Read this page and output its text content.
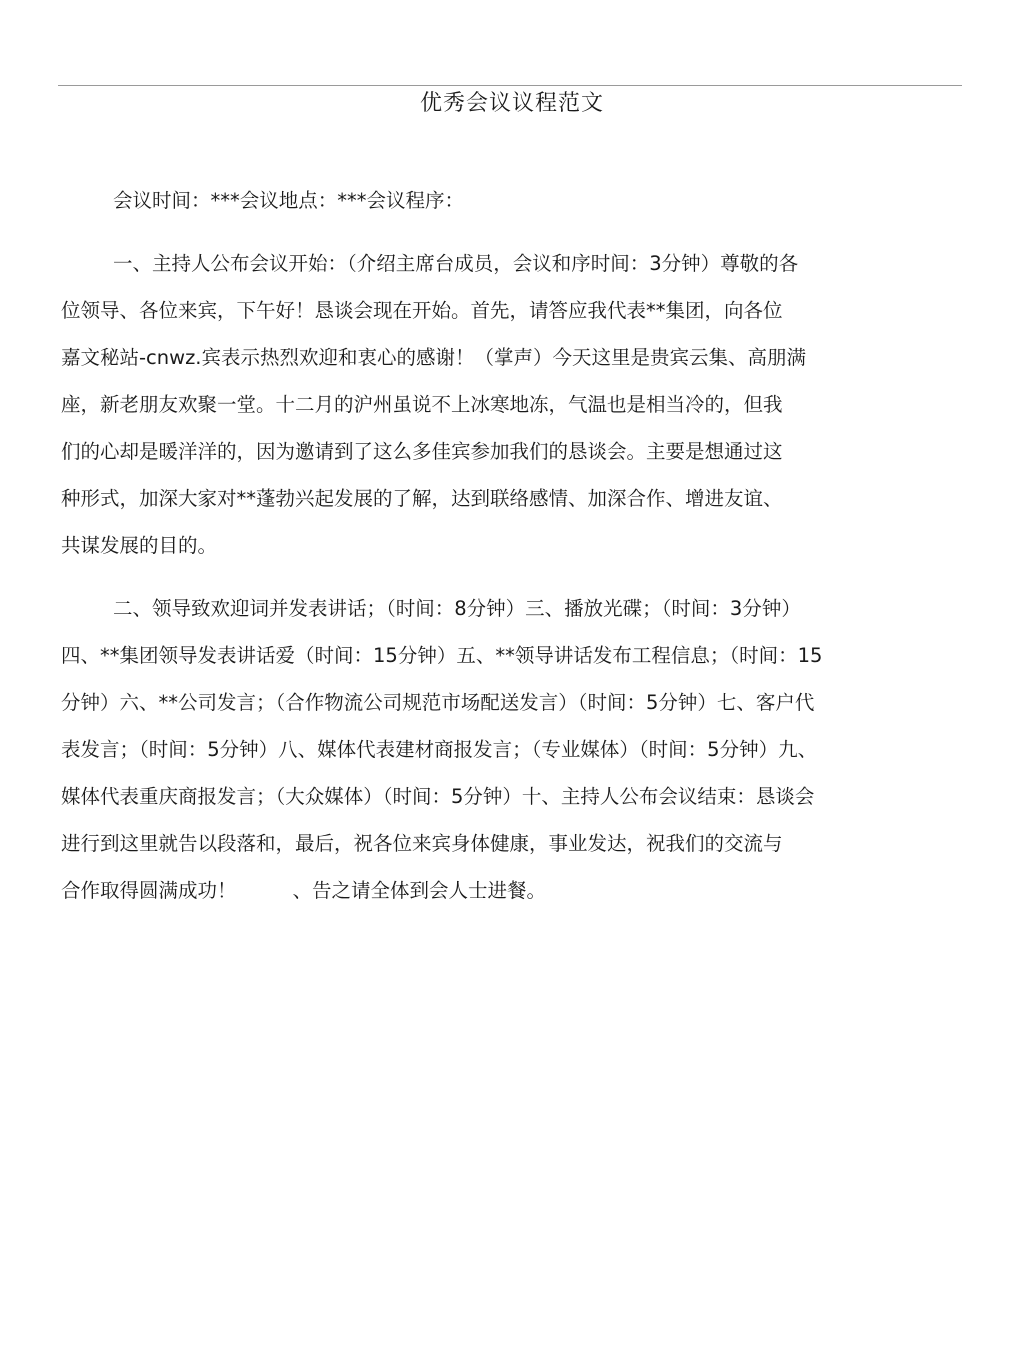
优秀会议议程范文
会议时间：***会议地点：***会议程序：
一、主持人公布会议开始：（介绍主席台成员，会议和序时间：3分钟）尊敬的各
位领导、各位来宾，下午好！恳谈会现在开始。首先，请答应我代表**集团，向各位
嘉文秘站-cnwz.宾表示热烈欢迎和衷心的感谢！（掌声）今天这里是贵宾云集、高朋满
座，新老朋友欢聚一堂。十二月的沪州虽说不上冰寒地冻，气温也是相当冷的，但我
们的心却是暖洋洋的，因为邀请到了这么多佳宾参加我们的恳谈会。主要是想通过这
种形式，加深大家对**蓬勃兴起发展的了解，达到联络感情、加深合作、增进友谊、
共谋发展的目的。
二、领导致欢迎词并发表讲话；（时间：8分钟）三、播放光碟；（时间：3分钟）
四、**集团领导发表讲话爱（时间：15分钟）五、**领导讲话发布工程信息；（时间：15
分钟）六、**公司发言；（合作物流公司规范市场配送发言）（时间：5分钟）七、客户代
表发言；（时间：5分钟）八、媒体代表建材商报发言；（专业媒体）（时间：5分钟）九、
媒体代表重庆商报发言；（大众媒体）（时间：5分钟）十、主持人公布会议结束：恳谈会
进行到这里就告以段落和，最后，祝各位来宾身体健康，事业发达，祝我们的交流与
合作取得圆满成功！	、告之请全体到会人士进餐。
